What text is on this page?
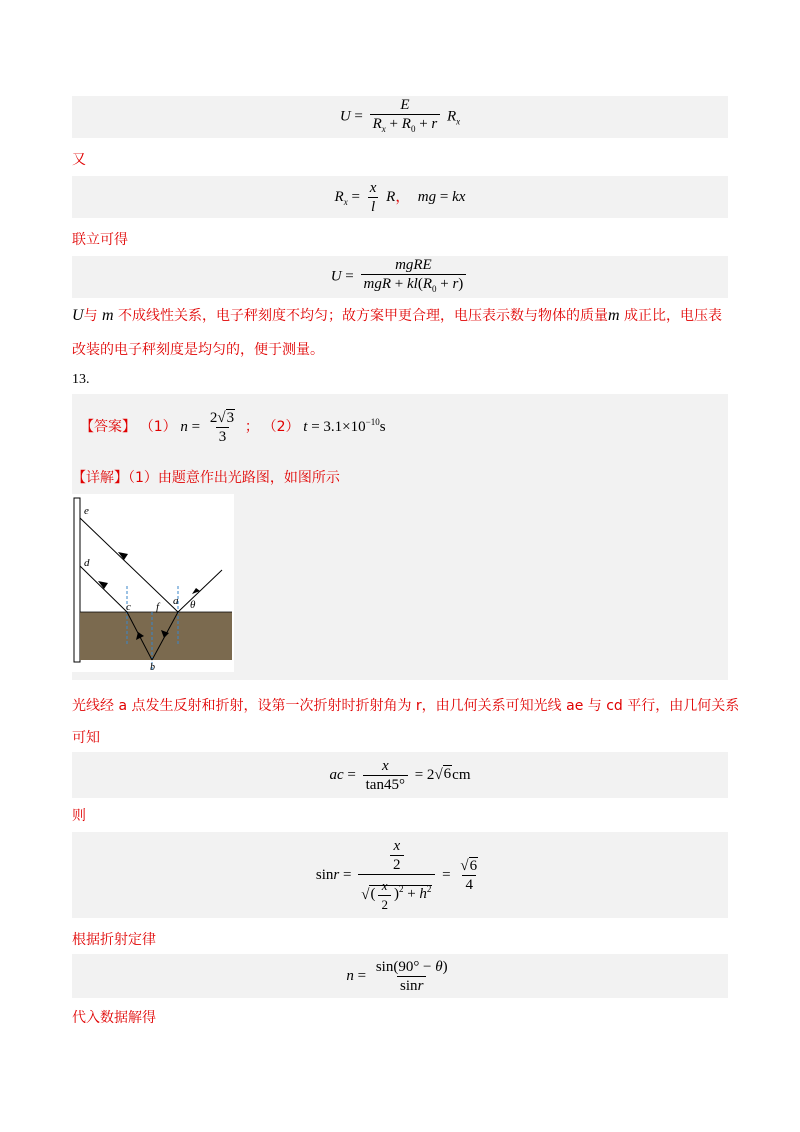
$U = \frac{E}{R_x + R_0 + r} R_x$
又
$R_x = \frac{x}{l}$ R， mg = kx
联立可得
$U = \frac{\text{mgRE}}{mgR + kl(R_0 + r)}$
U与 m 不成线性关系，电子秤刻度不均匀；故方案甲更合理，电压表示数与物体的质量m 成正比，电压表
改装的电子秤刻度是均匀的，便于测量。
13.
【答案】 （1） $n = \frac{2√3}{3}$ ； （2） $t = 3.1\times 10^{-10}s$
【详解】（1）由题意作出光路图，如图所示
e
d
c f a θ
b
光线经 a 点发生反射和折射，设第一次折射时折射角为 r，由几何关系可知光线 ae 与 cd 平行，由几何关系
可知
ac = $\frac{x}{\tan 45^\circ} = 2√6cm$
则
$\sin r = \frac{\frac{x}{2}}{√( \frac{x}{2} )^2 + h^2} = \frac{√6}{4}$
根据折射定律
$n = \frac{\sin(90^\circ - \theta)}{\sin r}$
代入数据解得
